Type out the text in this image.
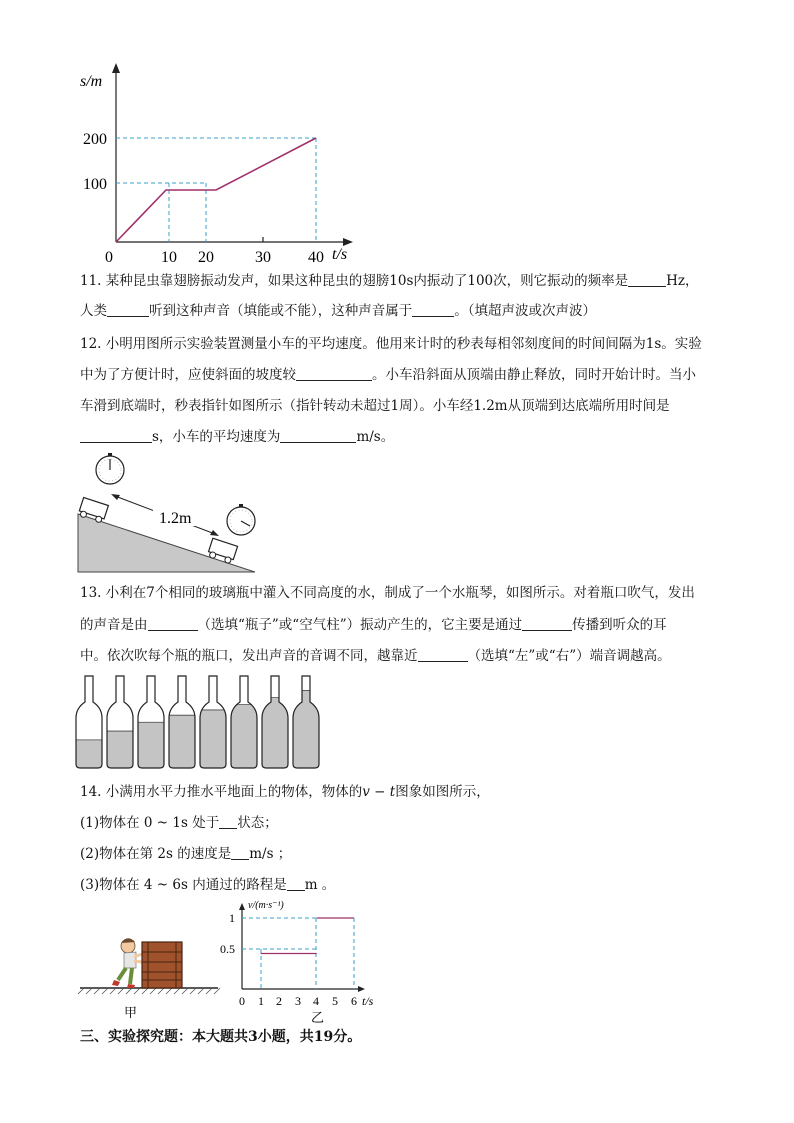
s/m
200
100
0	10 20	30 40 t/s
11. 某种昆虫靠翅膀振动发声，如果这种昆虫的翅膀10s内振动了100次，则它振动的频率是	Hz，
人类	听到这种声音（填能或不能），这种声音属于	。（填超声波或次声波）
12. 小明用图所示实验装置测量小车的平均速度。他用来计时的秒表每相邻刻度间的时间间隔为1s。实验
中为了方便计时，应使斜面的坡度较	。小车沿斜面从顶端由静止释放，同时开始计时。当小
车滑到底端时，秒表指针如图所示（指针转动未超过1周）。小车经1.2m从顶端到达底端所用时间是
s，小车的平均速度为	m/s。
1.2m
13. 小利在7个相同的玻璃瓶中灌入不同高度的水，制成了一个水瓶琴，如图所示。对着瓶口吹气，发出
的声音是由	（选填“瓶子”或“空气柱”）振动产生的，它主要是通过	传播到听众的耳
中。依次吹每个瓶的瓶口，发出声音的音调不同，越靠近	（选填“左”或“右”）端音调越高。
14. 小满用水平力推水平地面上的物体，物体的v − t图象如图所示，
(1)物体在 0 ~ 1s 处于 状态；
(2)物体在第 2s 的速度是 m/s ；
(3)物体在 4 ~ 6s 内通过的路程是 m 。
甲
v/(m·s⁻¹)
1
0.5
0 1 2 3 4 5 6 t/s
乙
三、实验探究题：本大题共3小题，共19分。
